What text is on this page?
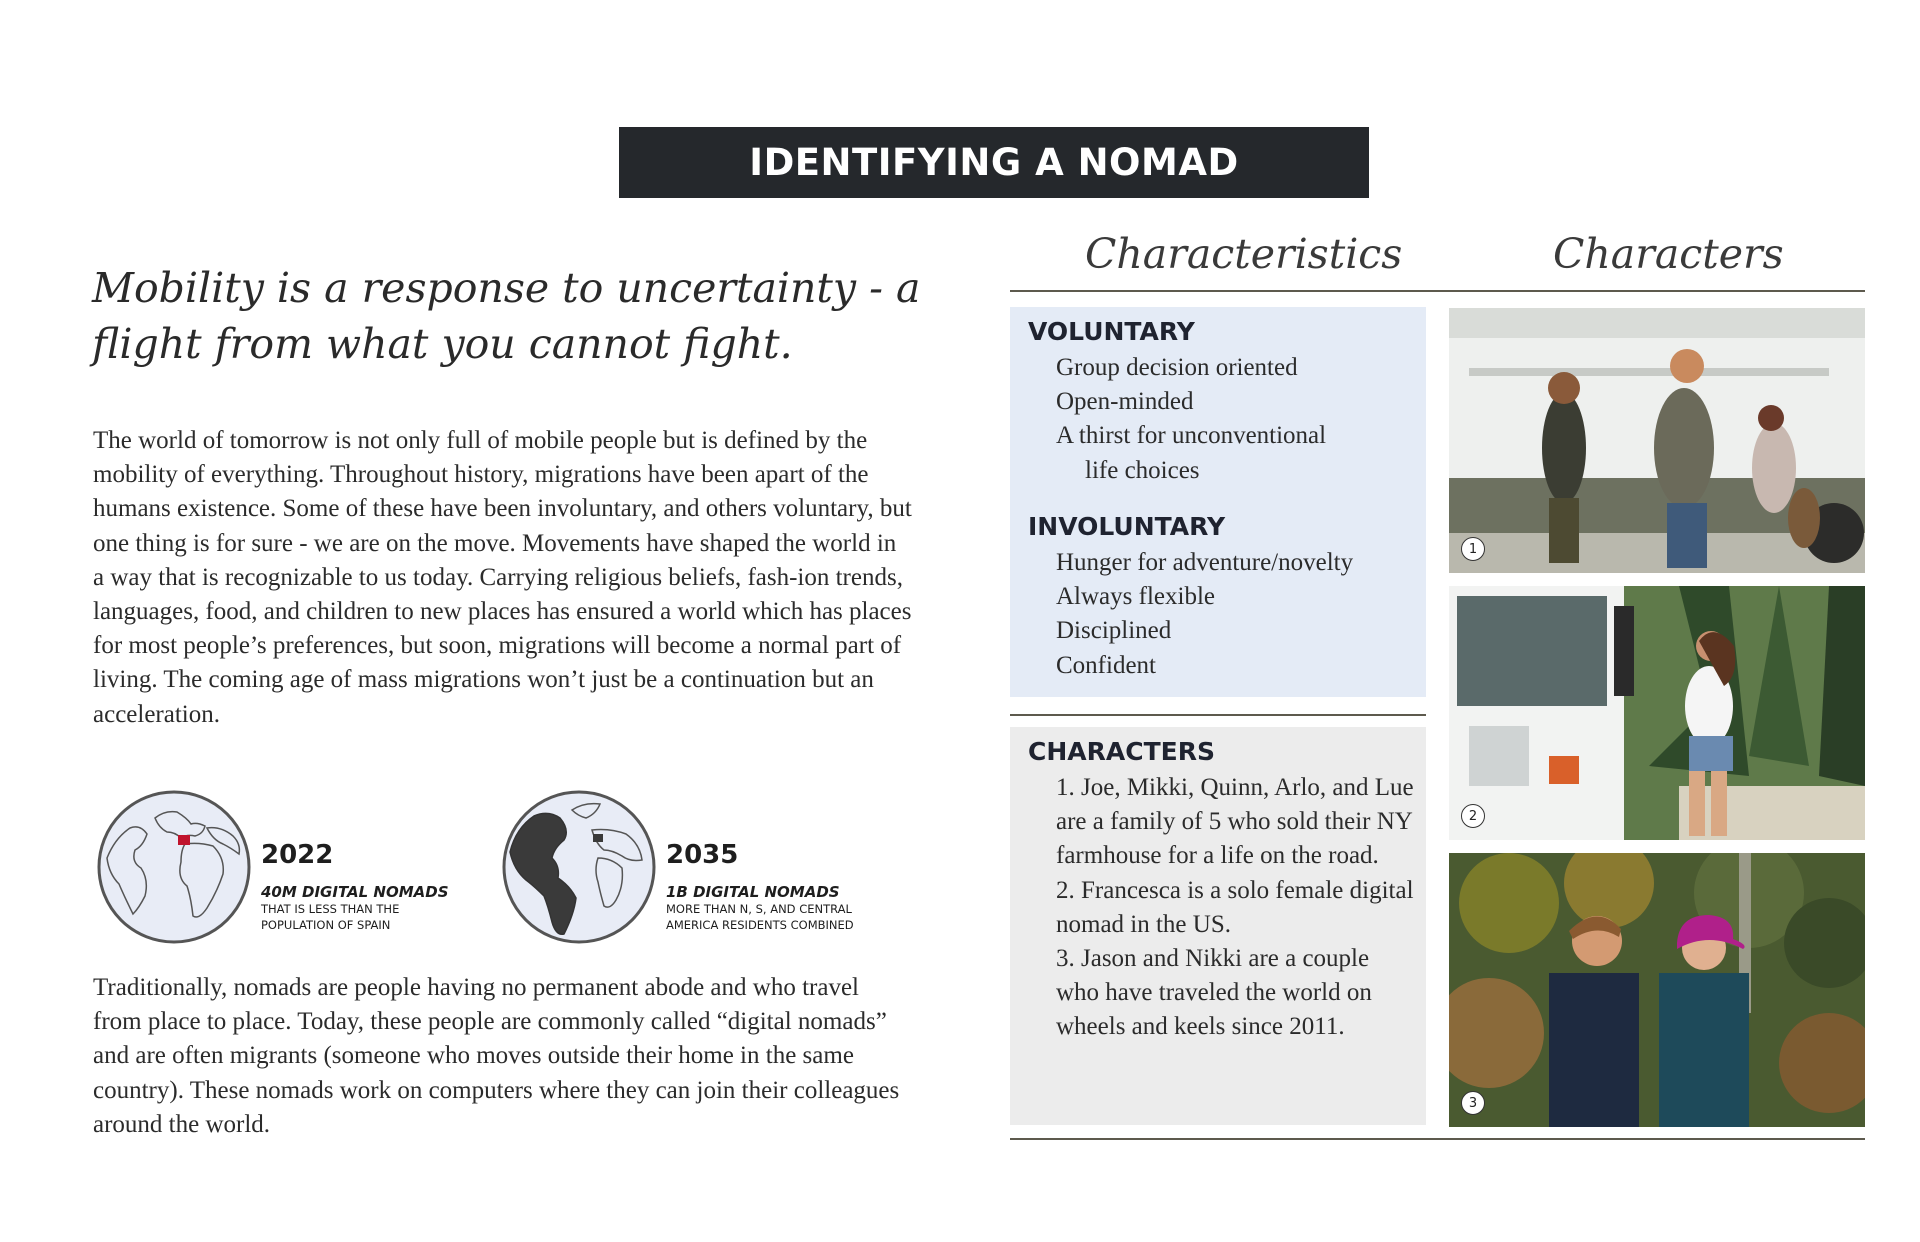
IDENTIFYING A NOMAD
Mobility is a response to uncertainty - a flight from what you cannot fight.
The world of tomorrow is not only full of mobile people but is defined by the mobility of everything. Throughout history, migrations have been apart of the humans existence. Some of these have been involuntary, and others voluntary, but one thing is for sure - we are on the move. Movements have shaped the world in a way that is recognizable to us today. Carrying religious beliefs, fash-ion trends, languages, food, and children to new places has ensured a world which has places for most people’s preferences, but soon, migrations will become a normal part of living. The coming age of mass migrations won’t just be a continuation but an acceleration.
2022
40M DIGITAL NOMADS
THAT IS LESS THAN THE POPULATION OF SPAIN
2035
1B DIGITAL NOMADS
MORE THAN N, S, AND CENTRAL AMERICA RESIDENTS COMBINED
Traditionally, nomads are people having no permanent abode and who travel from place to place. Today, these people are commonly called “digital nomads” and are often migrants (someone who moves outside their home in the same country). These nomads work on computers where they can join their colleagues around the world.
Characteristics	Characters
VOLUNTARY
Group decision oriented
Open-minded
A thirst for unconventional
life choices
INVOLUNTARY
Hunger for adventure/novelty
Always flexible
Disciplined
Confident
CHARACTERS
1. Joe, Mikki, Quinn, Arlo, and Lue are a family of 5 who sold their NY farmhouse for a life on the road.
2. Francesca is a solo female digital nomad in the US.
3. Jason and Nikki are a couple who have traveled the world on wheels and keels since 2011.
1
2
3
